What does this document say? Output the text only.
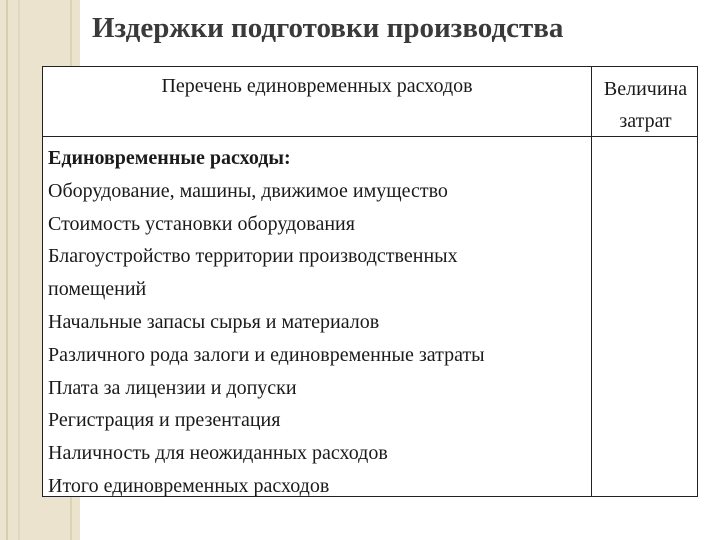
Издержки подготовки производства
Перечень единовременных расходов	Величина
затрат
Единовременные расходы:
Оборудование, машины, движимое имущество
Стоимость установки оборудования
Благоустройство территории производственных
помещений
Начальные запасы сырья и материалов
Различного рода залоги и единовременные затраты
Плата за лицензии и допуски
Регистрация и презентация
Наличность для неожиданных расходов
Итого единовременных расходов
